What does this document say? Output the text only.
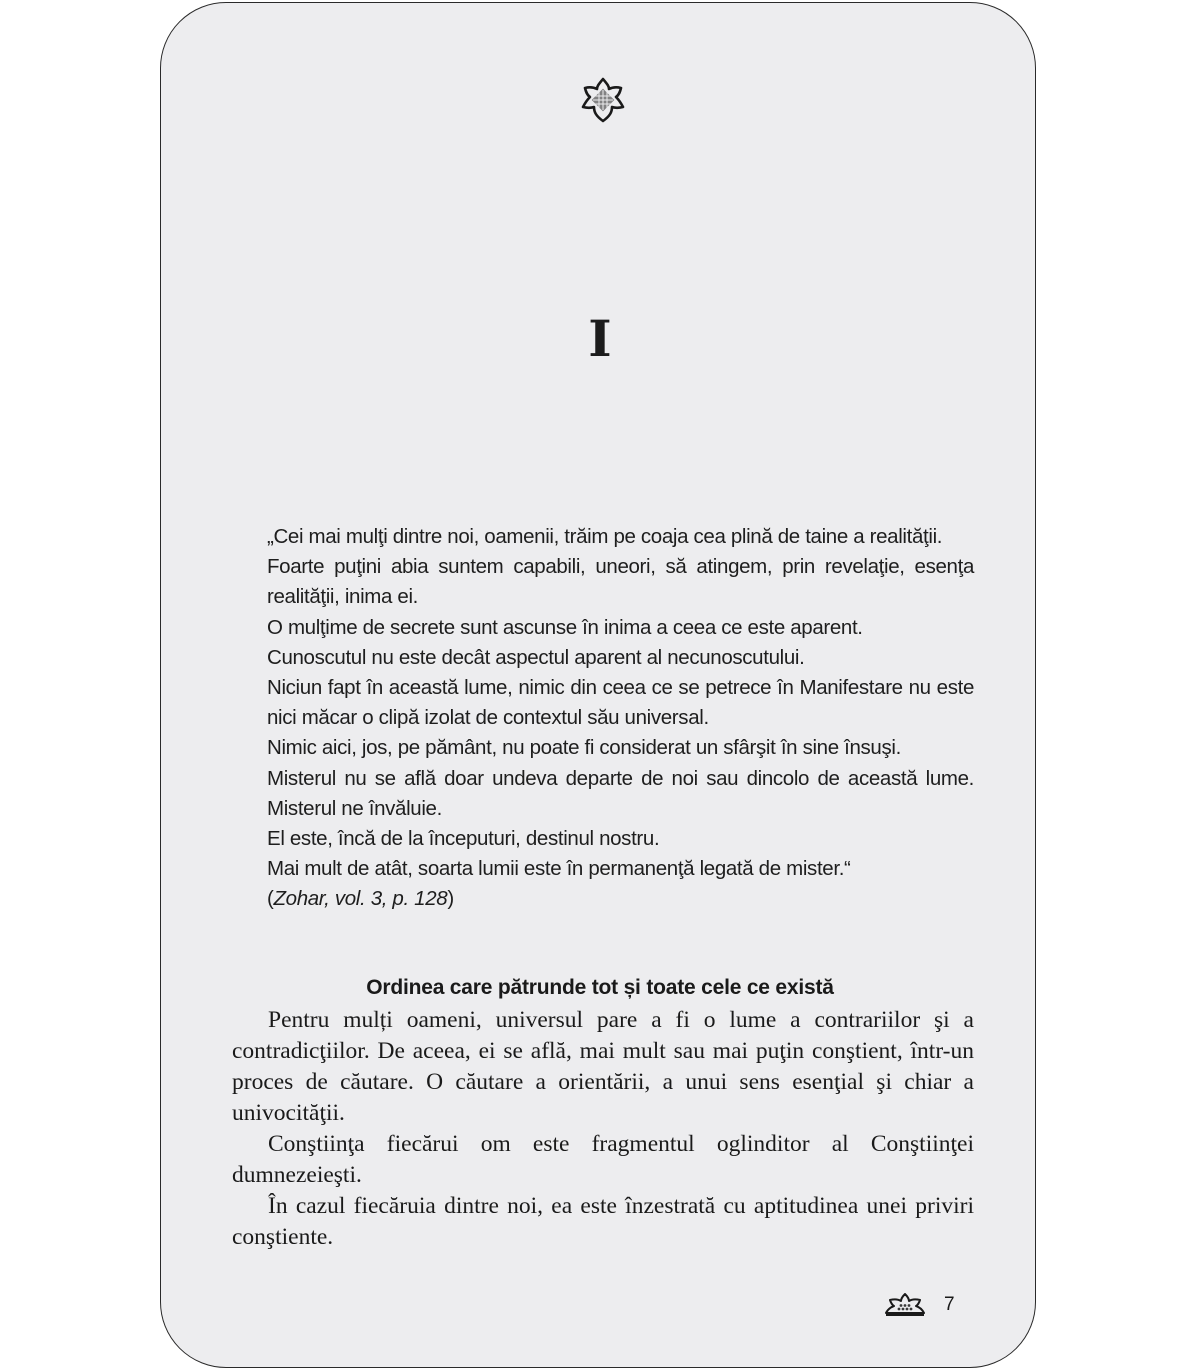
I

„Cei mai mulţi dintre noi, oamenii, trăim pe coaja cea plină de taine a realităţii.

Foarte puţini abia suntem capabili, uneori, să atingem, prin revelaţie, esenţa realităţii, inima ei.

O mulţime de secrete sunt ascunse în inima a ceea ce este aparent.

Cunoscutul nu este decât aspectul aparent al necunoscutului.

Niciun fapt în această lume, nimic din ceea ce se petrece în Manifestare nu este nici măcar o clipă izolat de contextul său universal.

Nimic aici, jos, pe pământ, nu poate fi considerat un sfârşit în sine însuşi.

Misterul nu se află doar undeva departe de noi sau dincolo de această lume. Misterul ne învăluie.

El este, încă de la începuturi, destinul nostru.

Mai mult de atât, soarta lumii este în permanenţă legată de mister.“

(Zohar, vol. 3, p. 128)

Ordinea care pătrunde tot și toate cele ce există

Pentru mulți oameni, universul pare a fi o lume a contrariilor şi a contradicţiilor. De aceea, ei se află, mai mult sau mai puţin conştient, într-un proces de căutare. O căutare a orientării, a unui sens esenţial şi chiar a univocităţii.

Conştiinţa fiecărui om este fragmentul oglinditor al Conştiinţei dumnezeieşti.

În cazul fiecăruia dintre noi, ea este înzestrată cu aptitudinea unei priviri conştiente.

7
